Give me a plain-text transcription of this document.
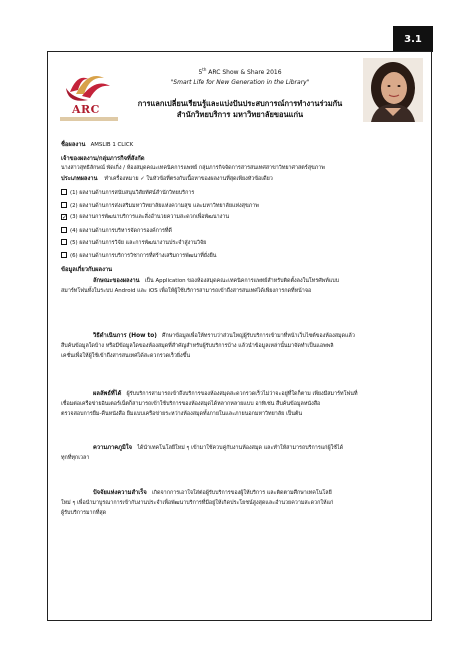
3.1
ARC
5th ARC Show & Share 2016
"Smart Life for New Generation in the Library"
การแลกเปลี่ยนเรียนรู้และแบ่งปันประสบการณ์การทำงานร่วมกัน
สำนักวิทยบริการ มหาวิทยาลัยขอนแก่น
ชื่อผลงาน AMSLIB 1 CLICK
เจ้าของผลงาน/กลุ่มภารกิจที่สังกัด
นางสาวสุทธิลักษณ์ พัดเกิ่ง / ห้องสมุดคณะเทคนิคการแพทย์ กลุ่มภารกิจจัดการสารสนเทศสาขาวิทยาศาสตร์สุขภาพ
ประเภทผลงาน ทำเครื่องหมาย ✓ ในหัวข้อที่ตรงกับเนื้อหาของผลงานที่สุดเพียงหัวข้อเดียว
(1) ผลงานด้านการสนับสนุนวิสัยทัศน์สำนักวิทยบริการ
(2) ผลงานด้านการส่งเสริมมหาวิทยาลัยแห่งความสุข และมหาวิทยาลัยแห่งสุขภาพ
✓ (3) ผลงานการพัฒนาบริการและสิ่งอำนวยความสะดวกเพื่อพัฒนางาน
(4) ผลงานด้านการบริหารจัดการองค์การที่ดี
(5) ผลงานด้านการวิจัย และการพัฒนางานประจำสู่งานวิจัย
(6) ผลงานด้านการบริการวิชาการที่สร้างเสริมการพัฒนาที่ยั่งยืน
ข้อมูลเกี่ยวกับผลงาน
ลักษณะของผลงาน เป็น Application ของห้องสมุดคณะเทคนิคการแพทย์สำหรับติดตั้งลงในโทรศัพท์แบบ
สมาร์ทโฟนทั้งในระบบ Android และ iOS เพื่อให้ผู้ใช้บริการสามารถเข้าถึงสารสนเทศได้เพียงการกดที่หน้าจอ
วิธีดำเนินการ (How to) ศึกษาข้อมูลเพื่อให้ทราบว่าส่วนใหญ่ผู้รับบริการเข้ามาที่หน้าเว็บไซต์ของห้องสมุดแล้ว
สืบค้นข้อมูลใดบ้าง หรือมีข้อมูลใดของห้องสมุดที่สำคัญสำหรับผู้รับบริการบ้าง แล้วนำข้อมูลเหล่านั้นมาจัดทำเป็นแอพพลิ
เคชั่นเพื่อให้ผู้ใช้เข้าถึงสารสนเทศได้สะดวกรวดเร็วยิ่งขึ้น
ผลลัพธ์ที่ได้ ผู้รับบริการสามารถเข้าถึงบริการของห้องสมุดสะดวกรวดเร็วไม่ว่าจะอยู่ที่ใดก็ตาม เพียงมีสมาร์ทโฟนที่
เชื่อมต่อเครือข่ายอินเตอร์เน็ตก็สามารถเข้าใช้บริการของห้องสมุดได้หลากหลายแบบ อาทิเช่น สืบค้นข้อมูลหนังสือ
ตรวจสอบการยืม-คืนหนังสือ ยืมแบบเครือข่ายระหว่างห้องสมุดทั้งภายในและภายนอกมหาวิทยาลัย เป็นต้น
ความภาคภูมิใจ ได้นำเทคโนโลยีใหม่ ๆ เข้ามาใช้ควบคู่กับงานห้องสมุด และทำให้สามารถบริการแก่ผู้ใช้ได้
ทุกที่ทุกเวลา
ปัจจัยแห่งความสำเร็จ เกิดจากการเอาใจใส่ต่อผู้รับบริการของผู้ให้บริการ และติดตามศึกษาเทคโนโลยี
ใหม่ ๆ เพื่อนำมาบูรณาการเข้ากับงานประจำเพื่อพัฒนาบริการที่มีอยู่ให้เกิดประโยชน์สูงสุดและอำนวยความสะดวกให้แก่
ผู้รับบริการมากที่สุด
